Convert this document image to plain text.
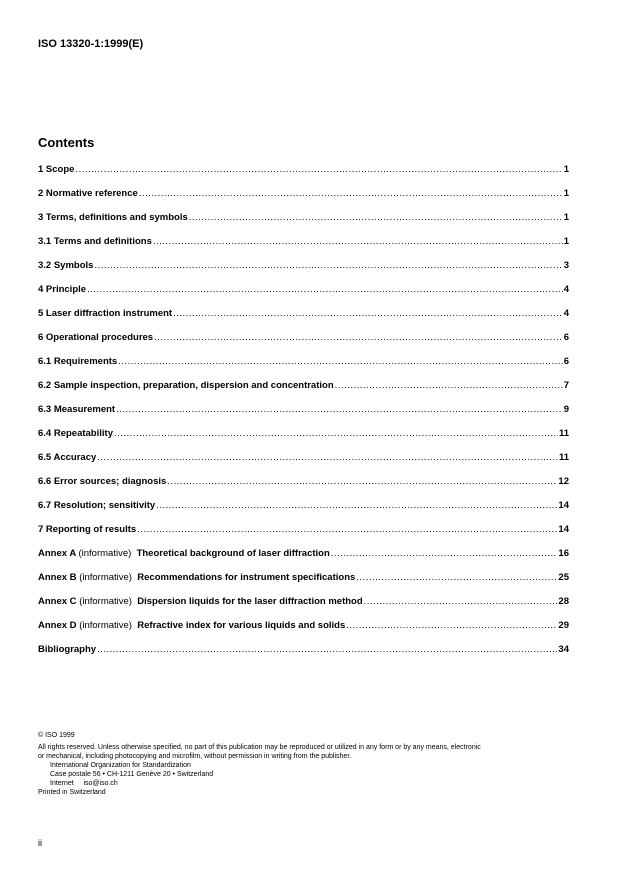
ISO 13320-1:1999(E)
Contents
1 Scope .....	1
2 Normative reference .....	1
3 Terms, definitions and symbols .....	1
3.1 Terms and definitions .....	1
3.2 Symbols .....	3
4 Principle .....	4
5 Laser diffraction instrument .....	4
6 Operational procedures .....	6
6.1 Requirements .....	6
6.2 Sample inspection, preparation, dispersion and concentration .....	7
6.3 Measurement .....	9
6.4 Repeatability .....	11
6.5 Accuracy .....	11
6.6 Error sources; diagnosis .....	12
6.7 Resolution; sensitivity .....	14
7 Reporting of results .....	14
Annex A (informative) Theoretical background of laser diffraction .....	16
Annex B (informative) Recommendations for instrument specifications .....	25
Annex C (informative) Dispersion liquids for the laser diffraction method .....	28
Annex D (informative) Refractive index for various liquids and solids .....	29
Bibliography .....	34
© ISO 1999
All rights reserved. Unless otherwise specified, no part of this publication may be reproduced or utilized in any form or by any means, electronic
or mechanical, including photocopying and microfilm, without permission in writing from the publisher.
International Organization for Standardization
Case postale 56 • CH-1211 Genève 20 • Switzerland
Internet     iso@iso.ch
Printed in Switzerland
ii
